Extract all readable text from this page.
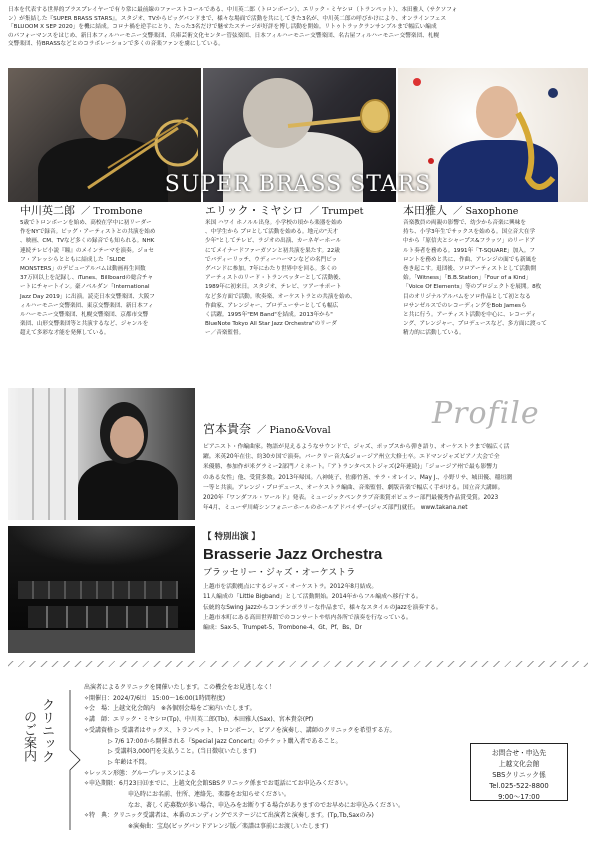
日本を代表する世界的ブラスプレイヤーで有り常に最前線のファーストコールである、中川英二郎（トロンボーン）、エリック・ミヤシロ（トランペット）、本田雅人（サクソフォ

ン）が集結した『SUPER BRASS STARS』。スタジオ、TVからビッグバンドまで、様々な場面で活動を共にしてきた3名が、中川英二郎の呼びかけにより、オンラインフェス

「BLUOOM X SEP 2020」を機に結成。コロナ禍を逆手にとり、たった3名だけで魅せたステージが好評を博し活動を開始。リトゥトラックランサンブルまで幅広い編成

のパフォーマンスをはじめ、新日本フィルハーモニー交響楽団、兵庫芸術文化センター管弦楽団、日本フィルハーモニー交響楽団、名古屋フィルハーモニー交響楽団、札幌

交響楽団、侍BRASSなどとのコラボレーションで多くの音楽ファンを虜にしている。

SUPER BRASS STARS
中川英二郎 ／ Trombone
5歳でトロンボーンを始め、高校在学中に初リーダー
作をNYで録音。ビッグ・アーティストとの共演を始め
、映画、CM、TVなど多くの録音でも知られる。NHK
連続テレビ小説『瞳』のメインテーマを演奏。ジョセ
フ・アレッシらとともに結成した「SLIDE
MONSTERS」のデビューアルバムは動画再生回数
37万回以上を記録し、iTunes、Billboardの総合チャ
ートにチャートイン。豪ノベルダン「International
Jazz Day 2019」に出演。読売日本交響楽団、大阪フ
ィルハーモニー交響楽団、東京交響楽団、新日本フィ
ルハーモニー交響楽団、札幌交響楽団、京都市交響
楽団、山形交響楽団等と共演するなど、ジャンルを
超えて多彩な才能を発揮している。
エリック・ミヤシロ ／ Trumpet
米国 ハワイ ホノルル出身。小学校の頃から楽器を始め
、中学生から プロとして活動を始める。地元の"天才
少年"としてテレビ、ラジオの出演、カーネギーホール
にてメイナードファーガソンと初共演を果たす。22歳
でバディーリッチ、ウディーハーマンなどの名門ビッ
グバンドに参加。7年にわたり世界中を回る。多くの
アーティストのリード・トランペッターとして活動後、
1989年に初来日。スタジオ、テレビ、ツアーサポート
など多方面で活動。吹奏楽、オーケストラとの共演を始め、
作曲家、アレンジャー、プロデューサーとしても幅広
く活躍。1995年"EM Band"を結成。2013年から"
BlueNote Tokyo All Star Jazz Orchestra"のリーダ
ー／音楽監督。
本田雅人 ／ Saxophone
音楽教員の両親の影響で、幼少から音楽に興味を
持ち、小学3年生でサックスを始める。国立音大在学
中から「原信夫とシャープス&フラッツ」のリードア
ルト奏者を務める。1991年「T-SQUARE」加入。フ
ロントを務めと共に、作曲、アレンジの面でも新風を
巻き起こす。退団後、ソロアーティストとして活動開
始。「Witness」「B.B.Station」「Four of a Kind」
「Voice Of Elements」等のプロジェクトを展開。8枚
目のオリジナルアルバムをソロ作品として初となる
ロサンゼルスでのレコーディングをBob Jamesら
と共に行う。アーティスト活動を中心に、レコーディ
ング、アレンジャー、プロデュースなど、多方面に渡って
精力的に活動している。
Profile
宮本貴奈 ／ Piano&Voval
ピアニスト・作編曲家。物語が見えるようなサウンドで、ジャズ、ポップスから弾き語り、オーケストラまで幅広く活
躍。米英20年在住、約30カ国で演奏。バークリー音大&ジョージア州立大修士卒。エドマンジャズピアノ大会で全
米優勝、参加作が米グラミー2部門ノミネート。「アトランタベストジャズ(2年連続)」「ジョージア州で最も影響力
のある女性」他、受賞多数。2013年帰国。八神純子、佐藤竹善、サラ・オレイン、May J.、小野リサ、城田優、稲垣潤
一等と共演。アレンジ・プロデュース、オーケストラ編曲、音楽監督、劇版音楽で幅広く手がける。国立音大講師。
2020年『ワンダフル・ワールド』発表。ミュージックペンクラブ音楽賞ポピュラー部門最優秀作品賞受賞。2023
年4月、ミューザ川崎シンフォニーホールのホールアドバイザー(ジャズ部門)就任。 www.takana.net
【 特別出演 】
Brasserie Jazz Orchestra
ブラッセリー・ジャズ・オーケストラ
上越市を活動拠点にするジャズ・オーケストラ。2012年8月結成。
11人編成の「Little Bigband」として活動開始。2014年からフル編成へ移行する。
伝統的なSwing Jazzからコンテンポラリーな作品まで、様々なスタイルのJazzを演奏する。
上越市本町にある高田世界館でのコンサートや県内各所で演奏を行なっている。
編成：Sax-5、Trumpet-5、Trombone-4、Gt、Pf、Bs、Dr
クリニック
のご案内
出演者によるクリニックを開催いたします。この機会をお見逃しなく！
✧開催日：2024/7/6㈯　15:00～16:00(1時間程度)
✧会　場：上越文化会館内　※各個別会場をご案内いたします。
✧講　師：エリック・ミヤシロ(Tp)、中川英二郎(Tb)、本田雅人(Sax)、宮本貴奈(Pf)
✧受講資格 ▷ 受講者はサックス、トランペット、トロンボーン、ピアノを演奏し、講師のクリニックを希望する方。
▷ 7/6 17:00から開催される『Special Jazz Concert』のチケット購入者であること。
▷ 受講料3,000円を支払うこと。(当日徴収いたします)
▷ 年齢は不問。
✧レッスン形態：グループレッスンによる
✧申込期限：6月23日㈰までに、上越文化会館SBSクリニック係までお電話にてお申込みください。
申込時にお名前、住所、連絡先、楽器をお知らせください。
なお、著しく応募数が多い場合、申込みをお断りする場合がありますのでお早めにお申込みください。
✧特　典：クリニック受講者は、本番のエンディングでステージにて出演者と演奏します。(Tp,Tb,Saxのみ)
※演奏曲：宝島(ビッグバンドアレンジ版／楽譜は事前にお渡しいたします)
お問合せ・申込先
上越文化会館
SBSクリニック係
Tel.025-522-8800
9:00～17:00
